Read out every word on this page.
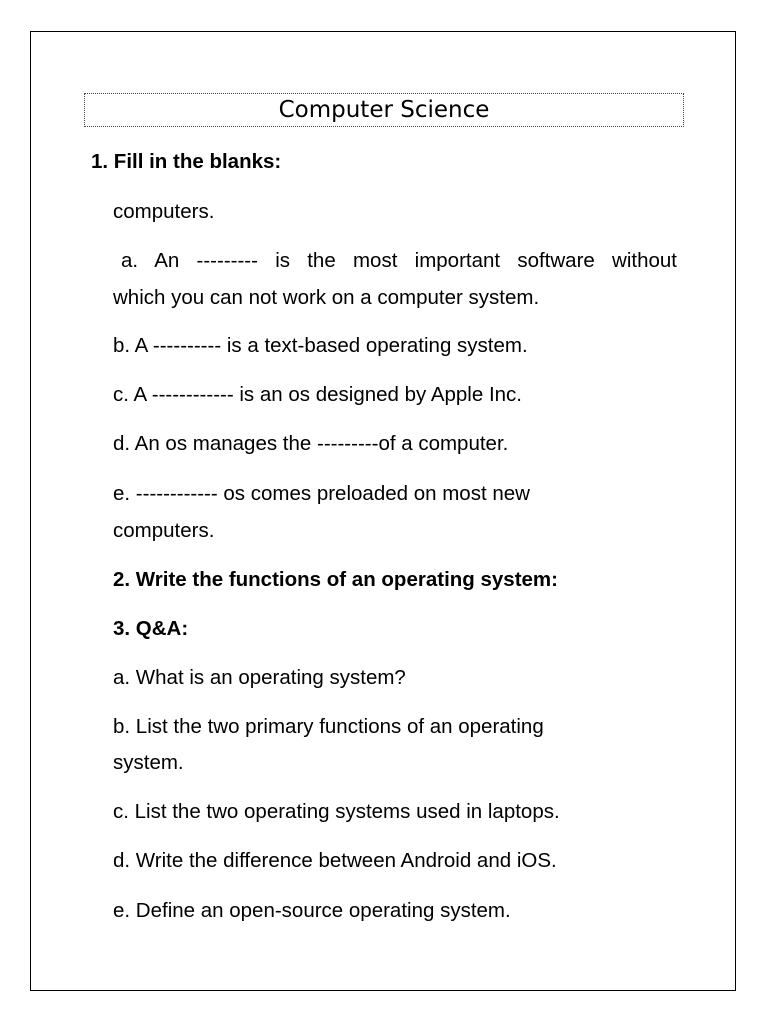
Computer Science
1. Fill in the blanks:
computers.
a. An --------- is the most important software without
which you can not work on a computer system.
b. A ---------- is a text-based operating system.
c. A ------------ is an os designed by Apple Inc.
d. An os manages the ---------of a computer.
e. ------------ os comes preloaded on most new
computers.
2. Write the functions of an operating system:
3. Q&A:
a. What is an operating system?
b. List the two primary functions of an operating
system.
c. List the two operating systems used in laptops.
d. Write the difference between Android and iOS.
e. Define an open-source operating system.
